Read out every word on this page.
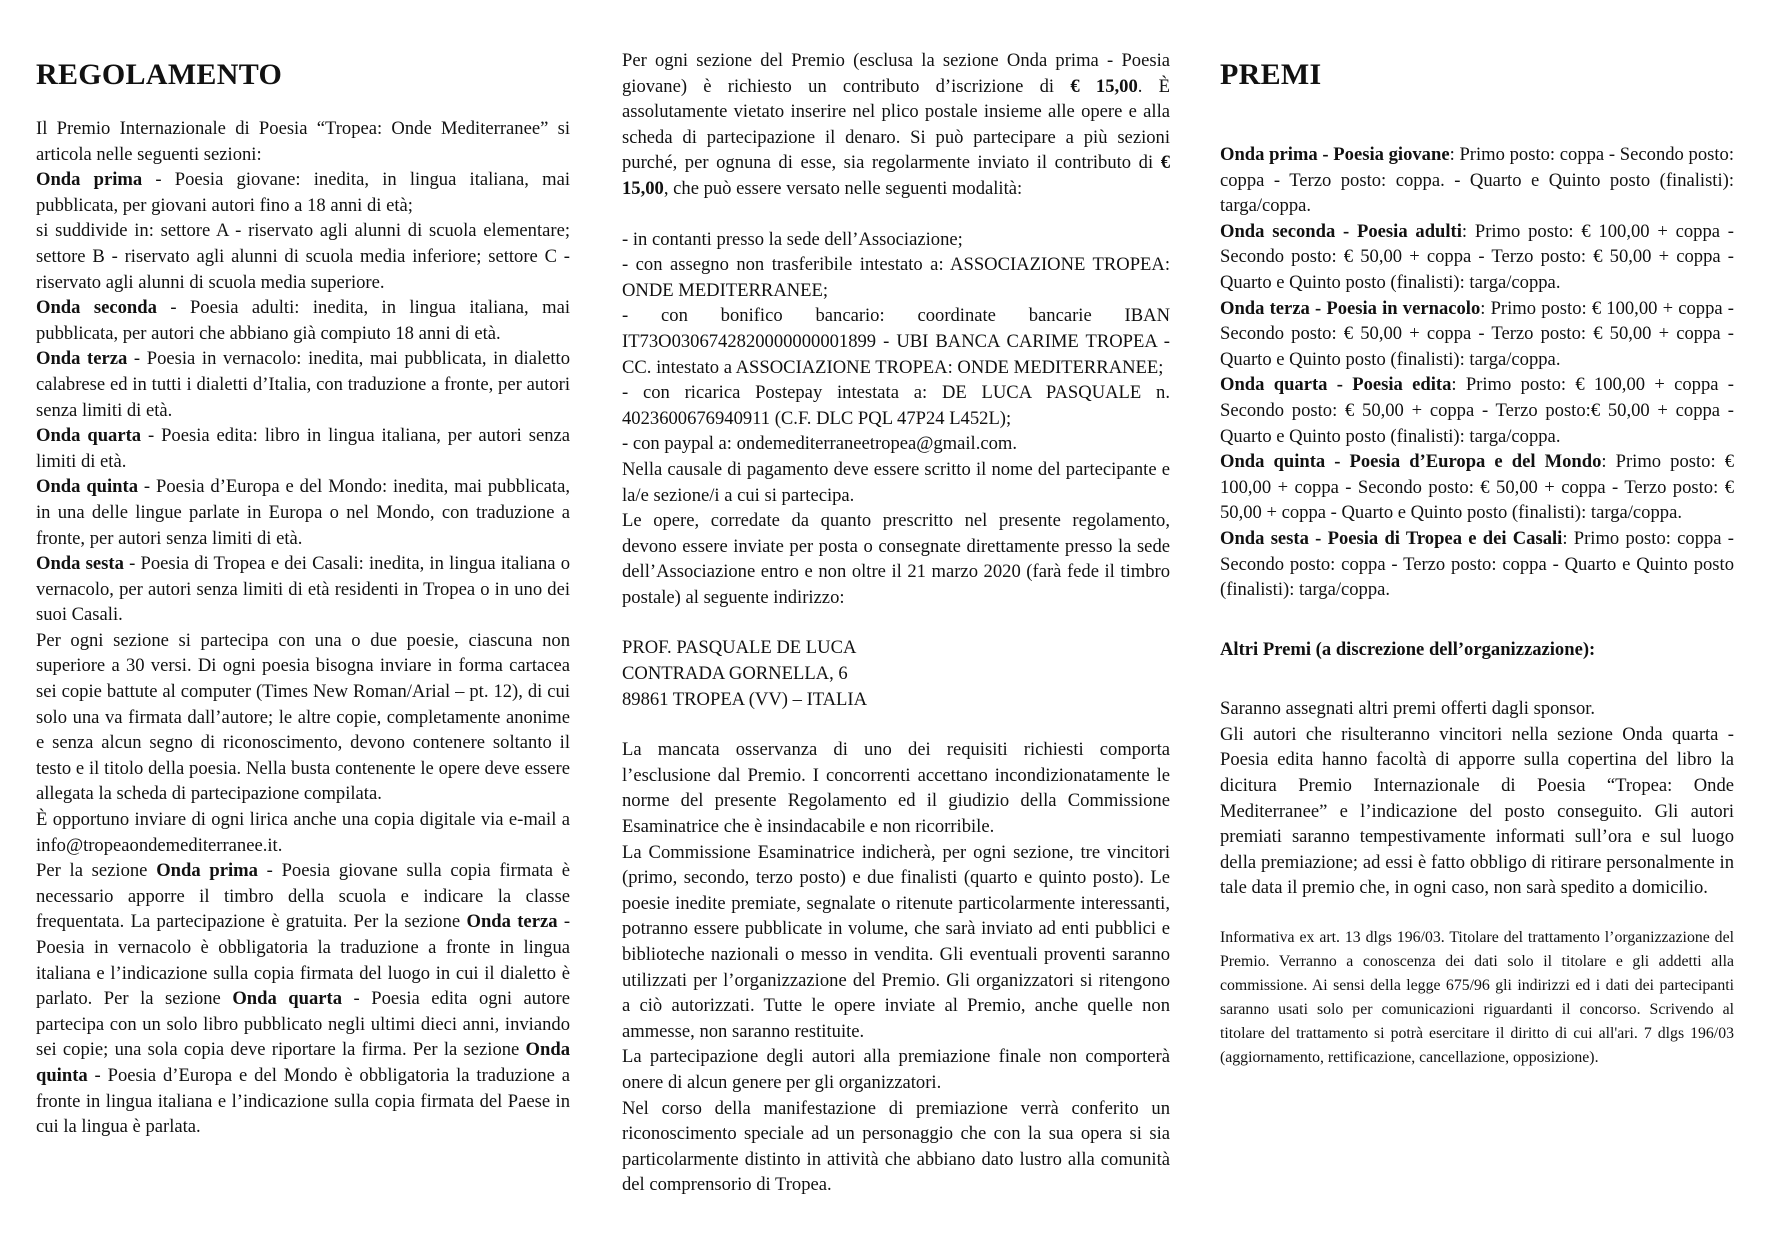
REGOLAMENTO

Il Premio Internazionale di Poesia “Tropea: Onde Mediterranee” si articola nelle seguenti sezioni:

Onda prima - Poesia giovane: inedita, in lingua italiana, mai pubblicata, per giovani autori fino a 18 anni di età;

si suddivide in: settore A - riservato agli alunni di scuola elementare; settore B - riservato agli alunni di scuola media inferiore; settore C - riservato agli alunni di scuola media superiore.

Onda seconda - Poesia adulti: inedita, in lingua italiana, mai pubblicata, per autori che abbiano già compiuto 18 anni di età.

Onda terza - Poesia in vernacolo: inedita, mai pubblicata, in dialetto calabrese ed in tutti i dialetti d’Italia, con traduzione a fronte, per autori senza limiti di età.

Onda quarta - Poesia edita: libro in lingua italiana, per autori senza limiti di età.

Onda quinta - Poesia d’Europa e del Mondo: inedita, mai pubblicata, in una delle lingue parlate in Europa o nel Mondo, con traduzione a fronte, per autori senza limiti di età.

Onda sesta - Poesia di Tropea e dei Casali: inedita, in lingua italiana o vernacolo, per autori senza limiti di età residenti in Tropea o in uno dei suoi Casali.

Per ogni sezione si partecipa con una o due poesie, ciascuna non superiore a 30 versi. Di ogni poesia bisogna inviare in forma cartacea sei copie battute al computer (Times New Roman/Arial – pt. 12), di cui solo una va firmata dall’autore; le altre copie, completamente anonime e senza alcun segno di riconoscimento, devono contenere soltanto il testo e il titolo della poesia. Nella busta contenente le opere deve essere allegata la scheda di partecipazione compilata.

È opportuno inviare di ogni lirica anche una copia digitale via e-mail a info@tropeaondemediterranee.it.

Per la sezione Onda prima - Poesia giovane sulla copia firmata è necessario apporre il timbro della scuola e indicare la classe frequentata. La partecipazione è gratuita. Per la sezione Onda terza - Poesia in vernacolo è obbligatoria la traduzione a fronte in lingua italiana e l’indicazione sulla copia firmata del luogo in cui il dialetto è parlato. Per la sezione Onda quarta - Poesia edita ogni autore partecipa con un solo libro pubblicato negli ultimi dieci anni, inviando sei copie; una sola copia deve riportare la firma. Per la sezione Onda quinta - Poesia d’Europa e del Mondo è obbligatoria la traduzione a fronte in lingua italiana e l’indicazione sulla copia firmata del Paese in cui la lingua è parlata.

Per ogni sezione del Premio (esclusa la sezione Onda prima - Poesia giovane) è richiesto un contributo d’iscrizione di € 15,00. È assolutamente vietato inserire nel plico postale insieme alle opere e alla scheda di partecipazione il denaro. Si può partecipare a più sezioni purché, per ognuna di esse, sia regolarmente inviato il contributo di € 15,00, che può essere versato nelle seguenti modalità:

- in contanti presso la sede dell’Associazione;

- con assegno non trasferibile intestato a: ASSOCIAZIONE TROPEA: ONDE MEDITERRANEE;

- con bonifico bancario: coordinate bancarie IBAN IT73O0306742820000000001899 - UBI BANCA CARIME TROPEA - CC. intestato a ASSOCIAZIONE TROPEA: ONDE MEDITERRANEE;

- con ricarica Postepay intestata a: DE LUCA PASQUALE n. 4023600676940911 (C.F. DLC PQL 47P24 L452L);

- con paypal a: ondemediterraneetropea@gmail.com.

Nella causale di pagamento deve essere scritto il nome del partecipante e la/e sezione/i a cui si partecipa.

Le opere, corredate da quanto prescritto nel presente regolamento, devono essere inviate per posta o consegnate direttamente presso la sede dell’Associazione entro e non oltre il 21 marzo 2020 (farà fede il timbro postale) al seguente indirizzo:

PROF. PASQUALE DE LUCA

CONTRADA GORNELLA, 6

89861 TROPEA (VV) – ITALIA

La mancata osservanza di uno dei requisiti richiesti comporta l’esclusione dal Premio. I concorrenti accettano incondizionatamente le norme del presente Regolamento ed il giudizio della Commissione Esaminatrice che è insindacabile e non ricorribile.

La Commissione Esaminatrice indicherà, per ogni sezione, tre vincitori (primo, secondo, terzo posto) e due finalisti (quarto e quinto posto). Le poesie inedite premiate, segnalate o ritenute particolarmente interessanti, potranno essere pubblicate in volume, che sarà inviato ad enti pubblici e biblioteche nazionali o messo in vendita. Gli eventuali proventi saranno utilizzati per l’organizzazione del Premio. Gli organizzatori si ritengono a ciò autorizzati. Tutte le opere inviate al Premio, anche quelle non ammesse, non saranno restituite.

La partecipazione degli autori alla premiazione finale non comporterà onere di alcun genere per gli organizzatori.

Nel corso della manifestazione di premiazione verrà conferito un riconoscimento speciale ad un personaggio che con la sua opera si sia particolarmente distinto in attività che abbiano dato lustro alla comunità del comprensorio di Tropea.

PREMI

Onda prima - Poesia giovane: Primo posto: coppa - Secondo posto: coppa - Terzo posto: coppa. - Quarto e Quinto posto (finalisti): targa/coppa.

Onda seconda - Poesia adulti: Primo posto: € 100,00 + coppa - Secondo posto: € 50,00 + coppa - Terzo posto: € 50,00 + coppa - Quarto e Quinto posto (finalisti): targa/coppa.

Onda terza - Poesia in vernacolo: Primo posto: € 100,00 + coppa - Secondo posto: € 50,00 + coppa - Terzo posto: € 50,00 + coppa - Quarto e Quinto posto (finalisti): targa/coppa.

Onda quarta - Poesia edita: Primo posto: € 100,00 + coppa - Secondo posto: € 50,00 + coppa - Terzo posto:€ 50,00 + coppa - Quarto e Quinto posto (finalisti): targa/coppa.

Onda quinta - Poesia d’Europa e del Mondo: Primo posto: € 100,00 + coppa - Secondo posto: € 50,00 + coppa - Terzo posto: € 50,00 + coppa - Quarto e Quinto posto (finalisti): targa/coppa.

Onda sesta - Poesia di Tropea e dei Casali: Primo posto: coppa - Secondo posto: coppa - Terzo posto: coppa - Quarto e Quinto posto (finalisti): targa/coppa.

Altri Premi (a discrezione dell’organizzazione):

Saranno assegnati altri premi offerti dagli sponsor.

Gli autori che risulteranno vincitori nella sezione Onda quarta - Poesia edita hanno facoltà di apporre sulla copertina del libro la dicitura Premio Internazionale di Poesia “Tropea: Onde Mediterranee” e l’indicazione del posto conseguito. Gli autori premiati saranno tempestivamente informati sull’ora e sul luogo della premiazione; ad essi è fatto obbligo di ritirare personalmente in tale data il premio che, in ogni caso, non sarà spedito a domicilio.

Informativa ex art. 13 dlgs 196/03. Titolare del trattamento l’organizzazione del Premio. Verranno a conoscenza dei dati solo il titolare e gli addetti alla commissione. Ai sensi della legge 675/96 gli indirizzi ed i dati dei partecipanti saranno usati solo per comunicazioni riguardanti il concorso. Scrivendo al titolare del trattamento si potrà esercitare il diritto di cui all'ari. 7 dlgs 196/03 (aggiornamento, rettificazione, cancellazione, opposizione).
